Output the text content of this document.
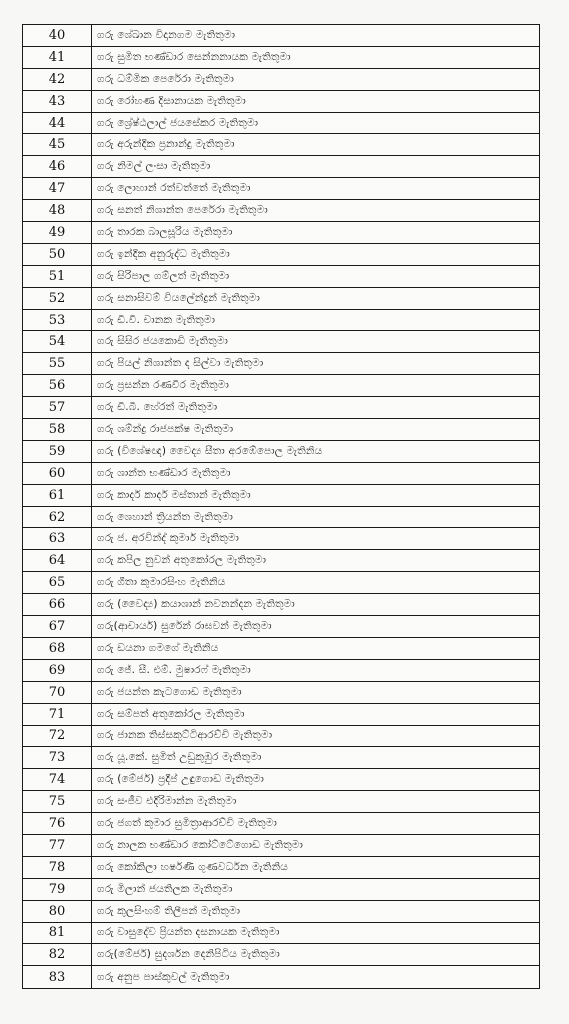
40	ගරු ශේඛාන විදානගම මැතිතුමා
41	ගරු සුමිත භණ්ඩාර සෙන්නනායක මැතිතුමා
42	ගරු ධම්මික පෙරේරා මැතිතුමා
43	ගරු රෝහණ දිසානායක මැතිතුමා
44	ගරු ශ්‍රේෂ්ඨලාල් ජයසේකර මැතිතුමා
45	ගරු අරුන්දික ප්‍රනාන්දු මැතිතුමා
46	ගරු නිමල් ලංසා මැතිතුමා
47	ගරු ලොහාන් රත්වත්තේ මැතිතුමා
48	ගරු සනත් නිශාන්ත පෙරේරා මැතිතුමා
49	ගරු තාරක බාලසූරිය මැතිතුමා
50	ගරු ඉන්දික අනුරුද්ධ මැතිතුමා
51	ගරු සිරිපාල ගම්ලත් මැතිතුමා
52	ගරු සනාසිවම් වියලේන්ද්‍රන් මැතිතුමා
53	ගරු ඩී.වී. චානක මැතිතුමා
54	ගරු සිසිර ජයකොඩි මැතිතුමා
55	ගරු පියල් නිශාන්ත ද සිල්වා මැතිතුමා
56	ගරු ප්‍රසන්න රණවීර මැතිතුමා
57	ගරු ඩී.බී. හේරත් මැතිතුමා
58	ගරු ශම්න්ද්‍ර රාජපක්ෂ මැතිතුමා
59	ගරු (විශේෂඥ) වෛද්‍ය සීතා අරඹේපොල මැතිනිය
60	ගරු ශාන්ත භණ්ඩාර මැතිතුමා
61	ගරු කාදර් කාදර් මස්තාන් මැතිතුමා
62	ගරු ශෙහාන් ත්‍රියන්ත මැතිතුමා
63	ගරු ජ. අරවින්ද් කුමාර් මැතිතුමා
64	ගරු කපිල නුවන් අතුකෝරල මැතිතුමා
65	ගරු ගීතා කුමාරසිංහ මැතිනිය
66	ගරු (වෛද්‍ය) කයාශාන් නවනන්දන මැතිතුමා
67	ගරු(ආචාර්ය) සුරේන් රාඝවන් මැතිතුමා
68	ගරු ඩයනා ගමගේ මැතිනිය
69	ගරු ජේ. සී. එම්. මුෂාරෆ් මැතිතුමා
70	ගරු ජයන්ත කැටගොඩ මැතිතුමා
71	ගරු සම්පත් අතුකෝරල මැතිතුමා
72	ගරු ජානක තිස්සකුට්ටිආරච්චි මැතිතුමා
73	ගරු යූ.කේ. සුමිත් උඩුකුඹුර මැතිතුමා
74	ගරු (මේජර්) ප්‍රදීප් උඳුගොඩ මැතිතුමා
75	ගරු සංජීව එදිරිමාන්න මැතිතුමා
76	ගරු ජගත් කුමාර සුමිත්‍රාආරච්චි මැතිතුමා
77	ගරු නාලක භණ්ඩාර කෝට්ටේගොඩ මැතිතුමා
78	ගරු කෝකිලා හර්ෂණී ගුණවර්ධන මැතිනිය
79	ගරු මිලාන් ජයතිලක මැතිතුමා
80	ගරු කුලසිංහම් තිලීපන් මැතිතුමා
81	ගරු වාසුදේව ප්‍රියන්ත දසනායක මැතිතුමා
82	ගරු(මේජර්) සුදර්ශන දෙනිපිටිය මැතිතුමා
83	ගරු අනුප පාස්කුවල් මැතිතුමා
